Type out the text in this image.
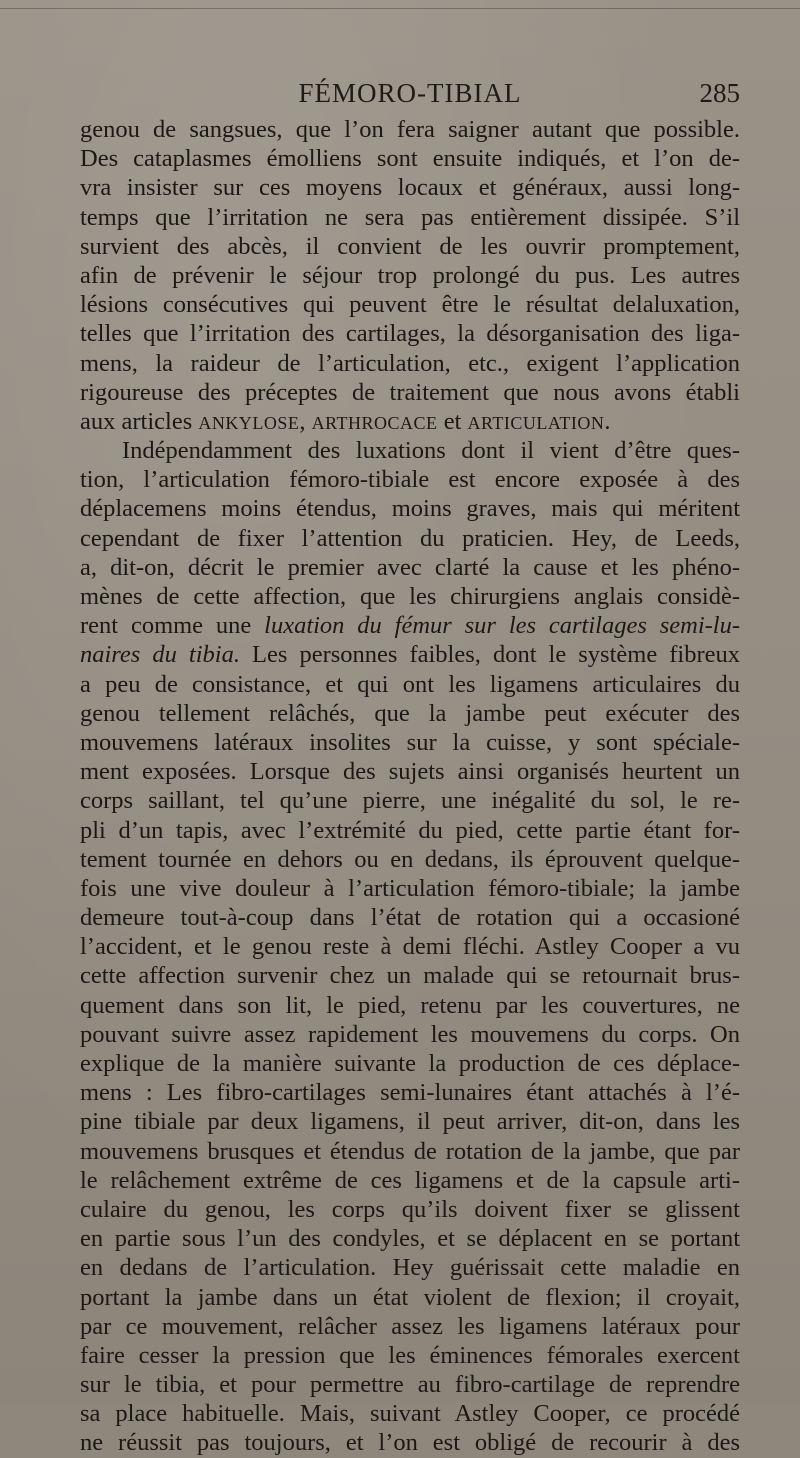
FÉMORO-TIBIAL	285
genou de sangsues, que l’on fera saigner autant que possible.
Des cataplasmes émolliens sont ensuite indiqués, et l’on de-
vra insister sur ces moyens locaux et généraux, aussi long-
temps que l’irritation ne sera pas entièrement dissipée. S’il
survient des abcès, il convient de les ouvrir promptement,
afin de prévenir le séjour trop prolongé du pus. Les autres
lésions consécutives qui peuvent être le résultat delaluxation,
telles que l’irritation des cartilages, la désorganisation des liga-
mens, la raideur de l’articulation, etc., exigent l’application
rigoureuse des préceptes de traitement que nous avons établi
aux articles ANKYLOSE, ARTHROCACE et ARTICULATION.
Indépendamment des luxations dont il vient d’être ques-
tion, l’articulation fémoro-tibiale est encore exposée à des
déplacemens moins étendus, moins graves, mais qui méritent
cependant de fixer l’attention du praticien. Hey, de Leeds,
a, dit-on, décrit le premier avec clarté la cause et les phéno-
mènes de cette affection, que les chirurgiens anglais considè-
rent comme une luxation du fémur sur les cartilages semi-lu-
naires du tibia. Les personnes faibles, dont le système fibreux
a peu de consistance, et qui ont les ligamens articulaires du
genou tellement relâchés, que la jambe peut exécuter des
mouvemens latéraux insolites sur la cuisse, y sont spéciale-
ment exposées. Lorsque des sujets ainsi organisés heurtent un
corps saillant, tel qu’une pierre, une inégalité du sol, le re-
pli d’un tapis, avec l’extrémité du pied, cette partie étant for-
tement tournée en dehors ou en dedans, ils éprouvent quelque-
fois une vive douleur à l’articulation fémoro-tibiale; la jambe
demeure tout-à-coup dans l’état de rotation qui a occasioné
l’accident, et le genou reste à demi fléchi. Astley Cooper a vu
cette affection survenir chez un malade qui se retournait brus-
quement dans son lit, le pied, retenu par les couvertures, ne
pouvant suivre assez rapidement les mouvemens du corps. On
explique de la manière suivante la production de ces déplace-
mens : Les fibro-cartilages semi-lunaires étant attachés à l’é-
pine tibiale par deux ligamens, il peut arriver, dit-on, dans les
mouvemens brusques et étendus de rotation de la jambe, que par
le relâchement extrême de ces ligamens et de la capsule arti-
culaire du genou, les corps qu’ils doivent fixer se glissent
en partie sous l’un des condyles, et se déplacent en se portant
en dedans de l’articulation. Hey guérissait cette maladie en
portant la jambe dans un état violent de flexion; il croyait,
par ce mouvement, relâcher assez les ligamens latéraux pour
faire cesser la pression que les éminences fémorales exercent
sur le tibia, et pour permettre au fibro-cartilage de reprendre
sa place habituelle. Mais, suivant Astley Cooper, ce procédé
ne réussit pas toujours, et l’on est obligé de recourir à des
